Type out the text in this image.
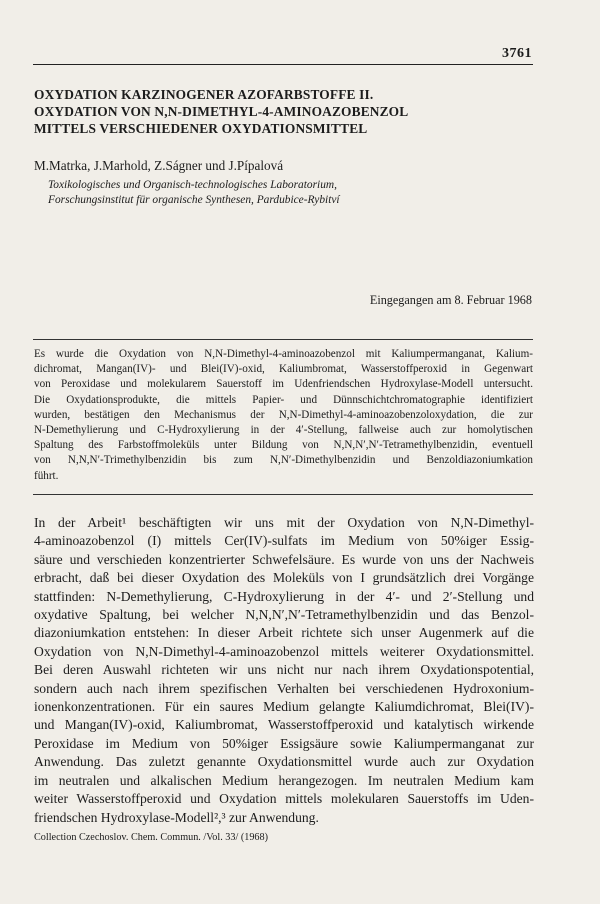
3761
OXYDATION KARZINOGENER AZOFARBSTOFFE II.
OXYDATION VON N,N-DIMETHYL-4-AMINOAZOBENZOL
MITTELS VERSCHIEDENER OXYDATIONSMITTEL
M.Matrka, J.Marhold, Z.Ságner und J.Pípalová
Toxikologisches und Organisch-technologisches Laboratorium,
Forschungsinstitut für organische Synthesen, Pardubice-Rybitví
Eingegangen am 8. Februar 1968
Es wurde die Oxydation von N,N-Dimethyl-4-aminoazobenzol mit Kaliumpermanganat, Kalium-
dichromat, Mangan(IV)- und Blei(IV)-oxid, Kaliumbromat, Wasserstoffperoxid in Gegenwart
von Peroxidase und molekularem Sauerstoff im Udenfriendschen Hydroxylase-Modell untersucht.
Die Oxydationsprodukte, die mittels Papier- und Dünnschichtchromatographie identifiziert
wurden, bestätigen den Mechanismus der N,N-Dimethyl-4-aminoazobenzoloxydation, die zur
N-Demethylierung und C-Hydroxylierung in der 4′-Stellung, fallweise auch zur homolytischen
Spaltung des Farbstoffmoleküls unter Bildung von N,N,N′,N′-Tetramethylbenzidin, eventuell
von N,N,N′-Trimethylbenzidin bis zum N,N′-Dimethylbenzidin und Benzoldiazoniumkation
führt.
In der Arbeit¹ beschäftigten wir uns mit der Oxydation von N,N-Dimethyl-
4-aminoazobenzol (I) mittels Cer(IV)-sulfats im Medium von 50%iger Essig-
säure und verschieden konzentrierter Schwefelsäure. Es wurde von uns der Nachweis
erbracht, daß bei dieser Oxydation des Moleküls von I grundsätzlich drei Vorgänge
stattfinden: N-Demethylierung, C-Hydroxylierung in der 4′- und 2′-Stellung und
oxydative Spaltung, bei welcher N,N,N′,N′-Tetramethylbenzidin und das Benzol-
diazoniumkation entstehen: In dieser Arbeit richtete sich unser Augenmerk auf die
Oxydation von N,N-Dimethyl-4-aminoazobenzol mittels weiterer Oxydationsmittel.
Bei deren Auswahl richteten wir uns nicht nur nach ihrem Oxydationspotential,
sondern auch nach ihrem spezifischen Verhalten bei verschiedenen Hydroxonium-
ionenkonzentrationen. Für ein saures Medium gelangte Kaliumdichromat, Blei(IV)-
und Mangan(IV)-oxid, Kaliumbromat, Wasserstoffperoxid und katalytisch wirkende
Peroxidase im Medium von 50%iger Essigsäure sowie Kaliumpermanganat zur
Anwendung. Das zuletzt genannte Oxydationsmittel wurde auch zur Oxydation
im neutralen und alkalischen Medium herangezogen. Im neutralen Medium kam
weiter Wasserstoffperoxid und Oxydation mittels molekularen Sauerstoffs im Uden-
friendschen Hydroxylase-Modell²,³ zur Anwendung.
Collection Czechoslov. Chem. Commun. /Vol. 33/ (1968)
